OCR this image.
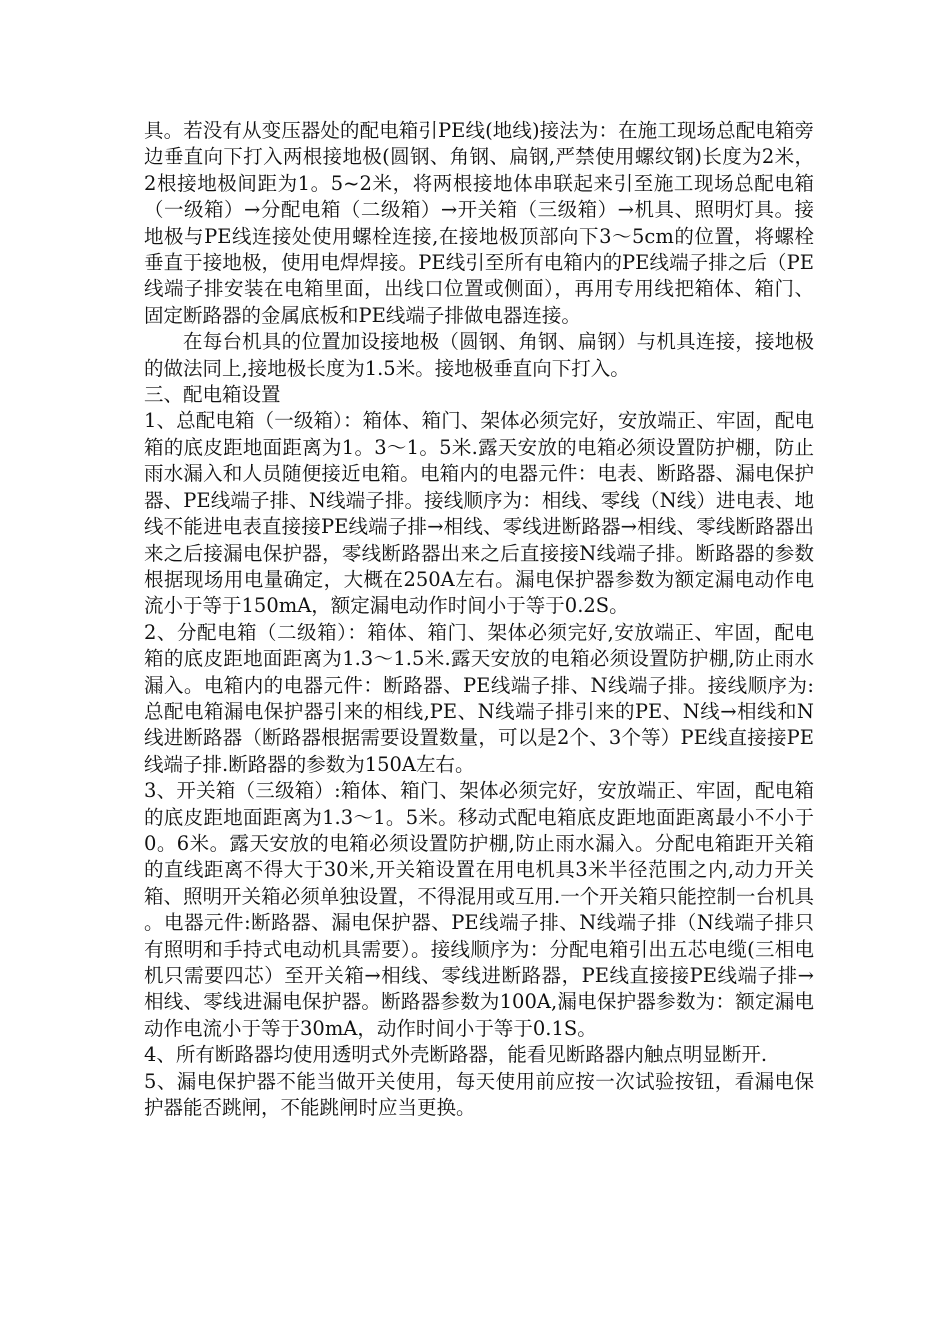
具。若没有从变压器处的配电箱引PE线(地线)接法为：在施工现场总配电箱旁边垂直向下打入两根接地极(圆钢、角钢、扁钢,严禁使用螺纹钢)长度为2米，2根接地极间距为1。5~2米，将两根接地体串联起来引至施工现场总配电箱（一级箱）→分配电箱（二级箱）→开关箱（三级箱）→机具、照明灯具。接地极与PE线连接处使用螺栓连接,在接地极顶部向下3～5cm的位置，将螺栓垂直于接地极，使用电焊焊接。PE线引至所有电箱内的PE线端子排之后（PE线端子排安装在电箱里面，出线口位置或侧面），再用专用线把箱体、箱门、固定断路器的金属底板和PE线端子排做电器连接。

在每台机具的位置加设接地极（圆钢、角钢、扁钢）与机具连接，接地极的做法同上,接地极长度为1.5米。接地极垂直向下打入。

三、配电箱设置

1、总配电箱（一级箱）：箱体、箱门、架体必须完好，安放端正、牢固，配电箱的底皮距地面距离为1。3～1。5米.露天安放的电箱必须设置防护棚，防止雨水漏入和人员随便接近电箱。电箱内的电器元件：电表、断路器、漏电保护器、PE线端子排、N线端子排。接线顺序为：相线、零线（N线）进电表、地线不能进电表直接接PE线端子排→相线、零线进断路器→相线、零线断路器出来之后接漏电保护器，零线断路器出来之后直接接N线端子排。断路器的参数根据现场用电量确定，大概在250A左右。漏电保护器参数为额定漏电动作电流小于等于150mA，额定漏电动作时间小于等于0.2S。

2、分配电箱（二级箱）：箱体、箱门、架体必须完好,安放端正、牢固，配电箱的底皮距地面距离为1.3～1.5米.露天安放的电箱必须设置防护棚,防止雨水漏入。电箱内的电器元件：断路器、PE线端子排、N线端子排。接线顺序为:总配电箱漏电保护器引来的相线,PE、N线端子排引来的PE、N线→相线和N线进断路器（断路器根据需要设置数量，可以是2个、3个等）PE线直接接PE线端子排.断路器的参数为150A左右。

3、开关箱（三级箱）:箱体、箱门、架体必须完好，安放端正、牢固，配电箱的底皮距地面距离为1.3～1。5米。移动式配电箱底皮距地面距离最小不小于0。6米。露天安放的电箱必须设置防护棚,防止雨水漏入。分配电箱距开关箱的直线距离不得大于30米,开关箱设置在用电机具3米半径范围之内,动力开关箱、照明开关箱必须单独设置，不得混用或互用.一个开关箱只能控制一台机具。电器元件:断路器、漏电保护器、PE线端子排、N线端子排（N线端子排只有照明和手持式电动机具需要）。接线顺序为：分配电箱引出五芯电缆(三相电机只需要四芯）至开关箱→相线、零线进断路器，PE线直接接PE线端子排→相线、零线进漏电保护器。断路器参数为100A,漏电保护器参数为：额定漏电动作电流小于等于30mA，动作时间小于等于0.1S。

4、所有断路器均使用透明式外壳断路器，能看见断路器内触点明显断开.

5、漏电保护器不能当做开关使用，每天使用前应按一次试验按钮，看漏电保护器能否跳闸，不能跳闸时应当更换。
